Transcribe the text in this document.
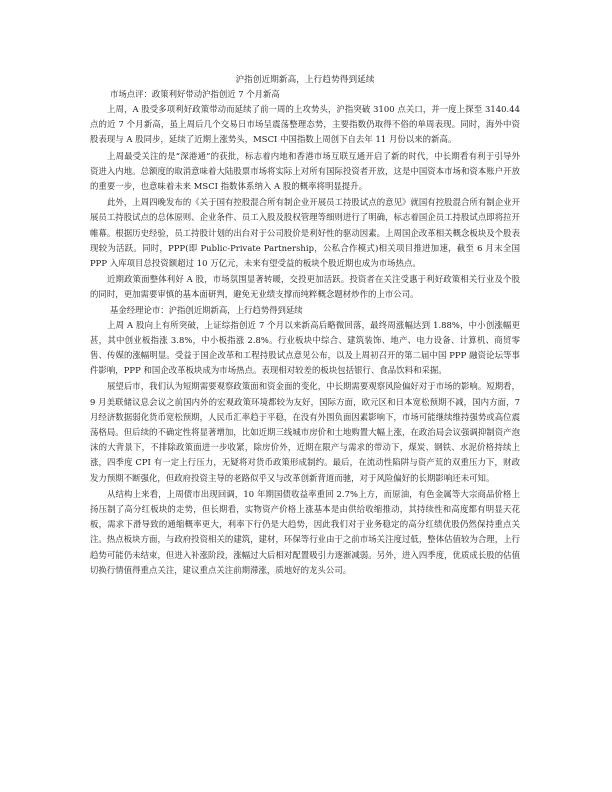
沪指创近期新高，上行趋势得到延续

市场点评：政策利好带动沪指创近 7 个月新高

上周，A 股受多项利好政策带动而延续了前一周的上攻势头，沪指突破 3100 点关口，并一度上探至 3140.44 点的近 7 个月新高，虽上周后几个交易日市场呈震荡整理态势，主要指数仍取得不俗的单周表现。同时，海外中资股表现与 A 股同步，延续了近期上涨势头，MSCI 中国指数上周创下自去年 11 月份以来的新高。

上周最受关注的是“深港通”的获批，标志着内地和香港市场互联互通开启了新的时代，中长期看有利于引导外资进入内地。总额度的取消意味着大陆股票市场将实际上对所有国际投资者开放，这是中国资本市场和资本账户开放的重要一步，也意味着未来 MSCI 指数体系纳入 A 股的概率将明显提升。

此外，上周四晚发布的《关于国有控股混合所有制企业开展员工持股试点的意见》就国有控股混合所有制企业开展员工持股试点的总体原则、企业条件、员工入股及股权管理等细则进行了明确，标志着国企员工持股试点即将拉开帷幕。根据历史经验，员工持股计划的出台对于公司股价是利好性的驱动因素。上周国企改革相关概念板块及个股表现较为活跃。同时，PPP(即 Public-Private Partnership，公私合作模式)相关项目推进加速，截至 6 月末全国 PPP 入库项目总投资额超过 10 万亿元，未来有望受益的板块个股近期也成为市场热点。

近期政策面整体利好 A 股，市场氛围显著转暖，交投更加活跃。投资者在关注受惠于利好政策相关行业及个股的同时，更加需要审慎的基本面研判，避免无业绩支撑而纯粹概念题材炒作的上市公司。

基金经理论市：沪指创近期新高，上行趋势得到延续

上周 A 股向上有所突破，上证综指创近 7 个月以来新高后略微回落，最终周涨幅达到 1.88%，中小创涨幅更甚，其中创业板指涨 3.8%，中小板指涨 2.8%。行业板块中综合、建筑装饰、地产、电力设备、计算机、商贸零售、传媒的涨幅明显。受益于国企改革和工程持股试点意见公布，以及上周初召开的第二届中国 PPP 融资论坛等事件影响，PPP 和国企改革板块成为市场热点。表现相对较差的板块包括银行、食品饮料和采掘。

展望后市，我们认为短期需要观察政策面和资金面的变化，中长期需要观察风险偏好对于市场的影响。短期看，9 月美联储议息会议之前国内外的宏观政策环境都较为友好，国际方面，欧元区和日本宽松预期不减，国内方面，7 月经济数据弱化货币宽松预期，人民币汇率趋于平稳，在没有外围负面因素影响下，市场可能继续维持强势或高位震荡格局。但后续的不确定性将显著增加，比如近期三线城市房价和土地购置大幅上涨，在政治局会议强调抑制资产泡沫的大背景下，不排除政策面进一步收紧，除房价外，近期在限产与需求的带动下，煤炭、钢铁、水泥价格持续上涨，四季度 CPI 有一定上行压力，无疑将对货币政策形成制约。最后，在流动性陷阱与资产荒的双重压力下，财政发力预期不断强化，但政府投资主导的老路似乎又与改革创新背道而驰，对于风险偏好的长期影响还未可知。

从结构上来看，上周债市出现回调，10 年期国债收益率重回 2.7%上方，而原油，有色金属等大宗商品价格上扬压制了高分红板块的走势，但长期看，实物资产价格上涨基本是由供给收缩推动，其持续性和高度都有明显天花板，需求下滑导致的通缩概率更大，利率下行仍是大趋势，因此我们对于业务稳定的高分红绩优股仍然保持重点关注。热点板块方面，与政府投资相关的建筑，建材，环保等行业由于之前市场关注度过低，整体估值较为合理，上行趋势可能仍未结束，但进入补涨阶段，涨幅过大后相对配置吸引力逐渐减弱。另外，进入四季度，优质成长股的估值切换行情值得重点关注，建议重点关注前期滞涨，质地好的龙头公司。
